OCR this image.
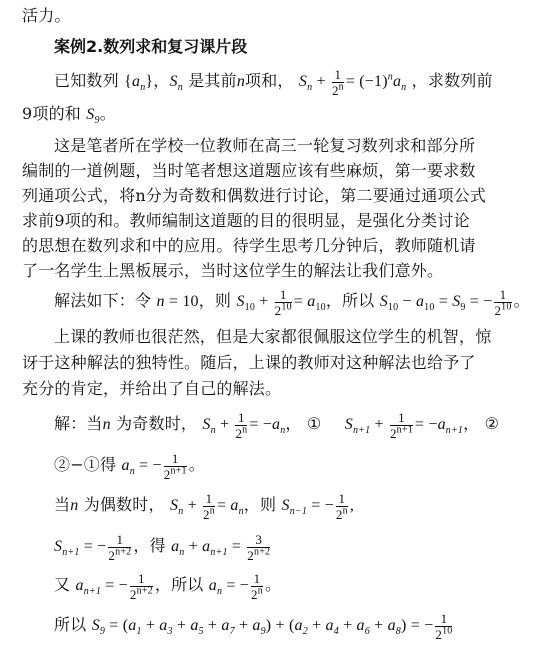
活力。
案例2.数列求和复习课片段
已知数列 $\{a_n\}$，$S_n$ 是其前n项和， $S_n + \frac{1}{2^n} = (-1)^na_n$ ，求数列前
9项的和 $S_9$。
这是笔者所在学校一位教师在高三一轮复习数列求和部分所
编制的一道例题，当时笔者想这道题应该有些麻烦，第一要求数
列通项公式，将n分为奇数和偶数进行讨论，第二要通过通项公式
求前9项的和。教师编制这道题的目的很明显，是强化分类讨论
的思想在数列求和中的应用。待学生思考几分钟后，教师随机请
了一名学生上黑板展示，当时这位学生的解法让我们意外。
解法如下：令 n = 10，则 $S_{10} + \frac{1}{2^{10}} = a_{10}$，所以 $S_{10} - a_{10} = S_9$ = − $\frac{1}{2^{10}}$ 。
上课的教师也很茫然，但是大家都很佩服这位学生的机智，惊
讶于这种解法的独特性。随后，上课的教师对这种解法也给予了
充分的肯定，并给出了自己的解法。
解：当n 为奇数时， $S_n + \frac{1}{2^n} = -a_n$， ① $S_{n+1} + \frac{1}{2^{n+1}} = -a_{n+1}$， ②
②−①得 $a_n$ = − $\frac{1}{2^{n+1}}$ 。
当n 为偶数时， $S_n + \frac{1}{2^n} = a_n$，则 $S_{n-1}$ = − $\frac{1}{2^n}$ ,
$S_{n+1}$ = − $\frac{1}{2^{n+2}}$ ，得 $a_n + a_{n+1} = \frac{3}{2^{n+2}}$
又 $a_{n+1}$ = − $\frac{1}{2^{n+2}}$ ，所以 $a_n$ = − $\frac{1}{2^n}$ 。
所以 $S_9 = (a_1 + a_3 + a_5 + a_7 + a_9) + (a_2 + a_4 + a_6 + a_8)$ = − $\frac{1}{2^{10}}$
